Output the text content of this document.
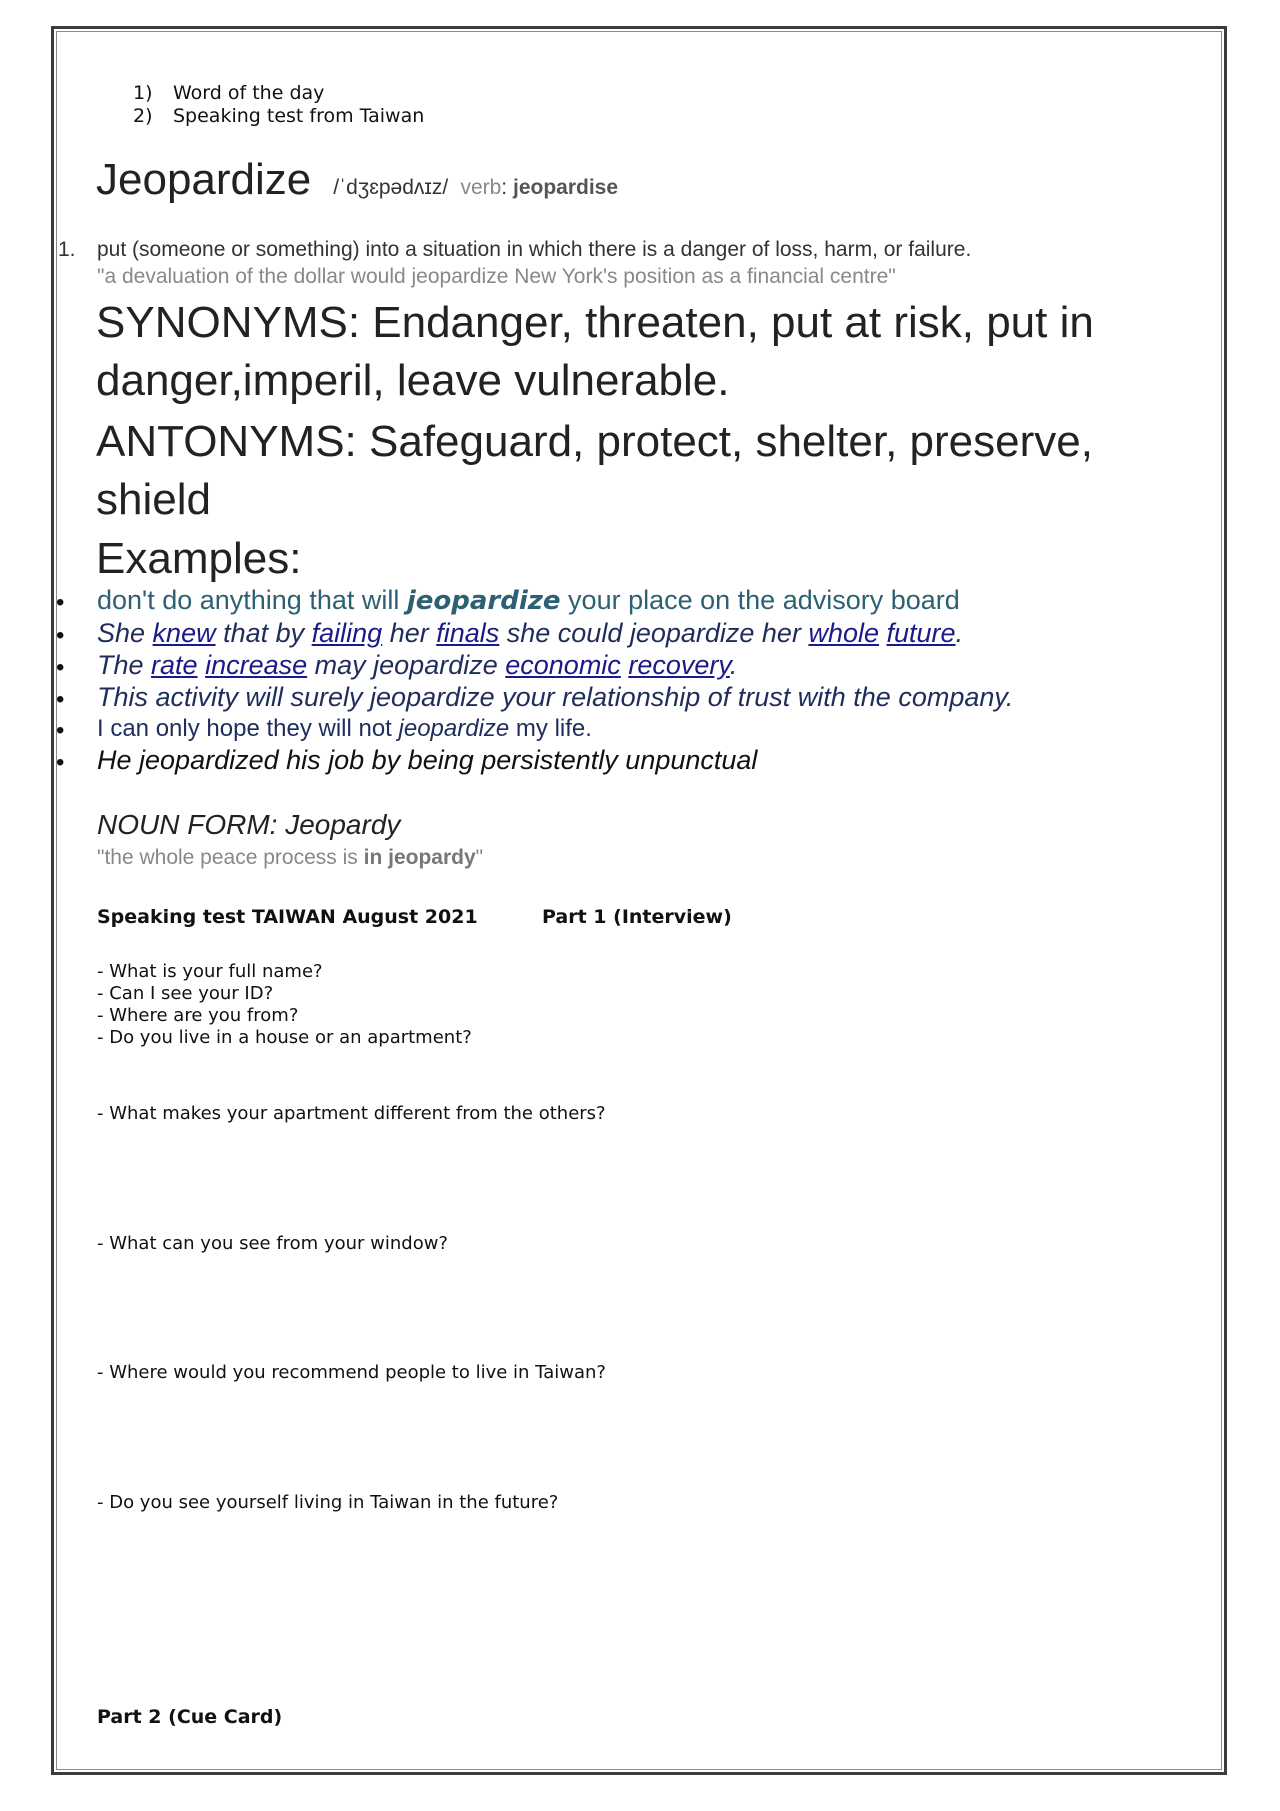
1) Word of the day
2) Speaking test from Taiwan
Jeopardize /ˈdʒɛpədʌɪz/ verb: jeopardise
1. put (someone or something) into a situation in which there is a danger of loss, harm, or failure.
"a devaluation of the dollar would jeopardize New York's position as a financial centre"
SYNONYMS: Endanger, threaten, put at risk, put in
danger,imperil, leave vulnerable.
ANTONYMS: Safeguard, protect, shelter, preserve,
shield
Examples:
• don't do anything that will jeopardize your place on the advisory board
• She knew that by failing her finals she could jeopardize her whole future.
• The rate increase may jeopardize economic recovery.
• This activity will surely jeopardize your relationship of trust with the company.
• I can only hope they will not jeopardize my life.
• He jeopardized his job by being persistently unpunctual
NOUN FORM: Jeopardy
"the whole peace process is in jeopardy"
Speaking test TAIWAN August 2021	Part 1 (Interview)
- What is your full name?
- Can I see your ID?
- Where are you from?
- Do you live in a house or an apartment?
- What makes your apartment different from the others?
- What can you see from your window?
- Where would you recommend people to live in Taiwan?
- Do you see yourself living in Taiwan in the future?
Part 2 (Cue Card)
